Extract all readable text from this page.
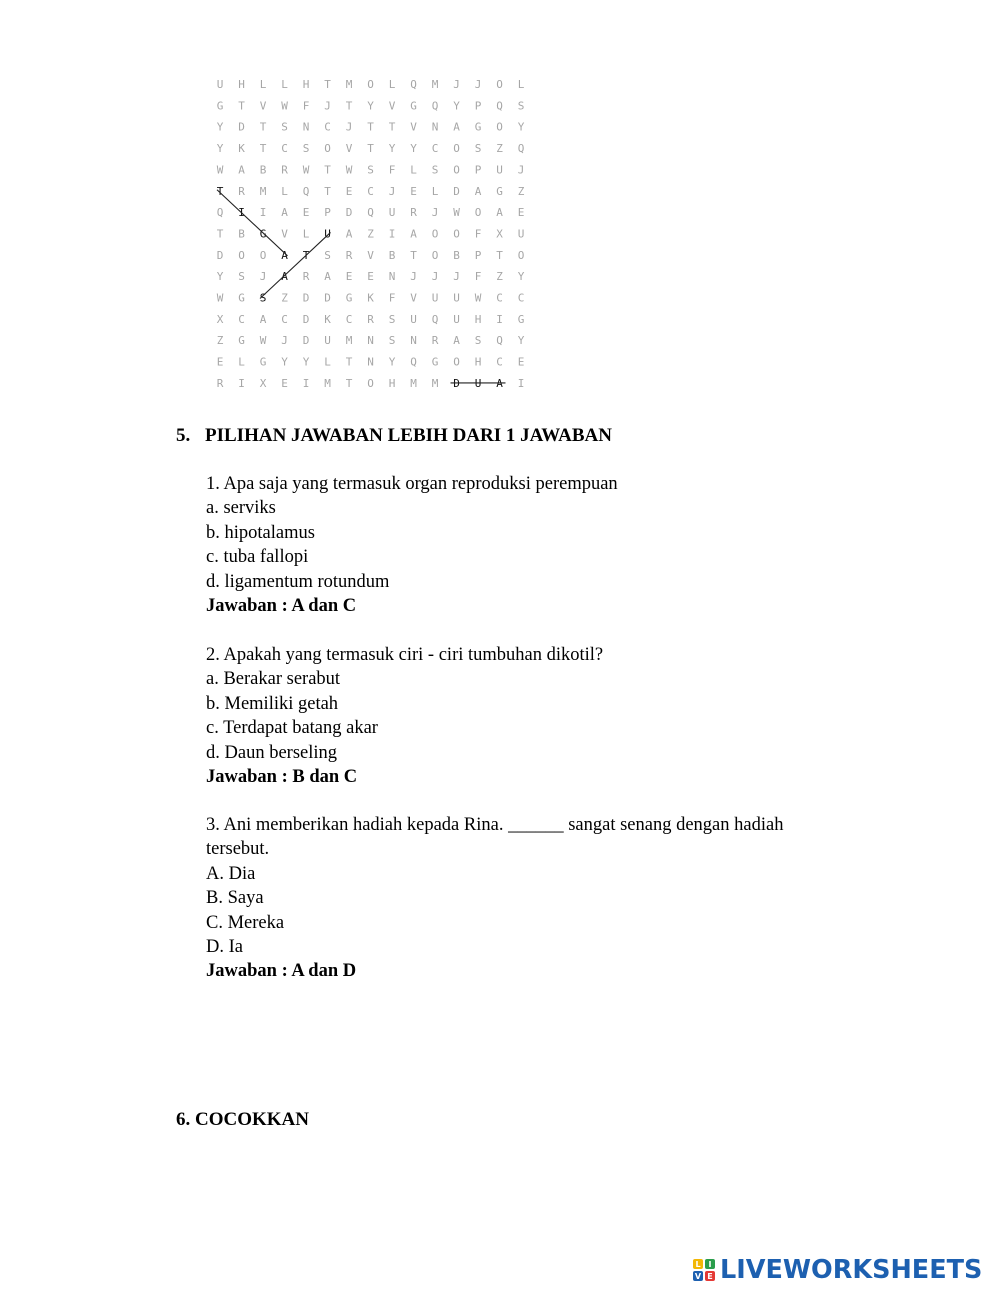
U H L L H T M O L Q M J J O L
G T V W F J T Y V G Q Y P Q S
Y D T S N C J T T V N A G O Y
Y K T C S O V T Y Y C O S Z Q
W A B R W T W S F L S O P U J
T R M L Q T E C J E L D A G Z
Q I I A E P D Q U R J W O A E
T B G V L U A Z I A O O F X U
D O O A T S R V B T O B P T O
Y S J A R A E E N J J J F Z Y
W G S Z D D G K F V U U W C C
X C A C D K C R S U Q U H I G
Z G W J D U M N S N R A S Q Y
E L G Y Y L T N Y Q G O H C E
R I X E I M T O H M M D U A I
5. PILIHAN JAWABAN LEBIH DARI 1 JAWABAN
1. Apa saja yang termasuk organ reproduksi perempuan
a. serviks
b. hipotalamus
c. tuba fallopi
d. ligamentum rotundum
Jawaban : A dan C
2. Apakah yang termasuk ciri - ciri tumbuhan dikotil?
a. Berakar serabut
b. Memiliki getah
c. Terdapat batang akar
d. Daun berseling
Jawaban : B dan C
3. Ani memberikan hadiah kepada Rina. ______ sangat senang dengan hadiah tersebut.
A. Dia
B. Saya
C. Mereka
D. Ia
Jawaban : A dan D
6. COCOKKAN
L I
V E LIVEWORKSHEETS
